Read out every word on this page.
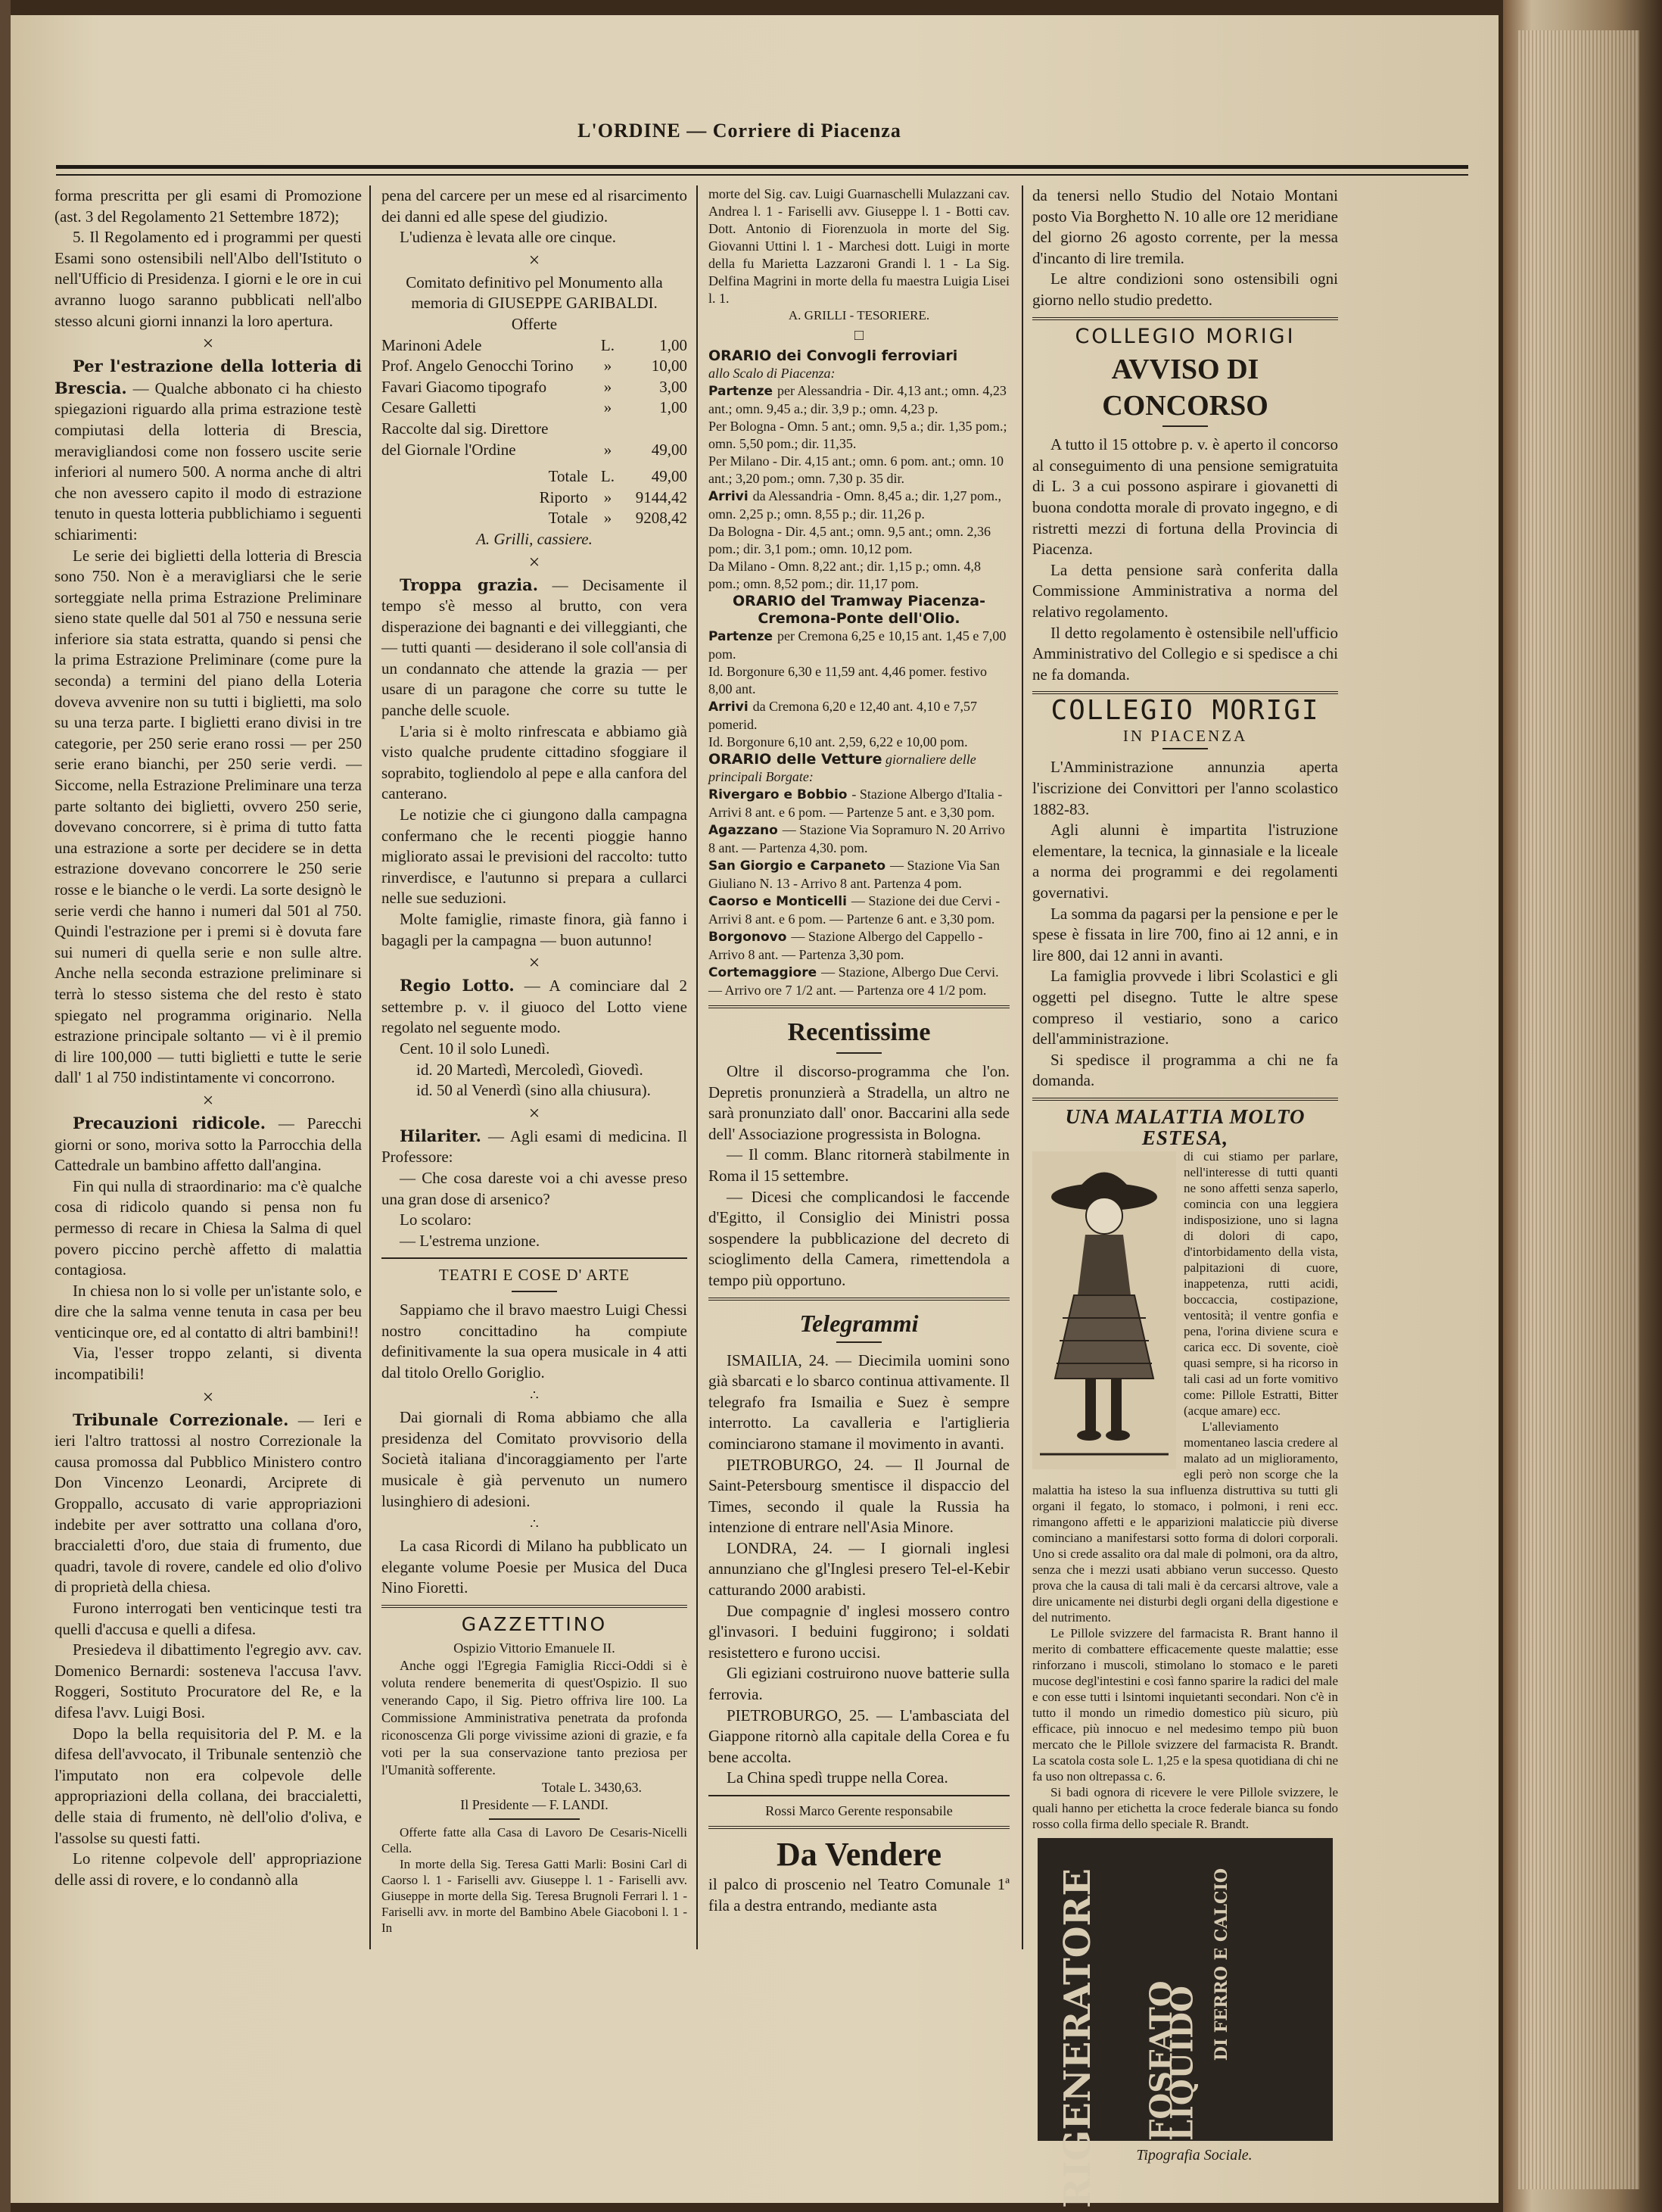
L'ORDINE — Corriere di Piacenza

forma prescritta per gli esami di Promozione (ast. 3 del Regolamento 21 Settembre 1872);

5. Il Regolamento ed i programmi per questi Esami sono ostensibili nell'Albo dell'Istituto o nell'Ufficio di Presidenza. I giorni e le ore in cui avranno luogo saranno pubblicati nell'albo stesso alcuni giorni innanzi la loro apertura.

×

Per l'estrazione della lotteria di Brescia. — Qualche abbonato ci ha chiesto spiegazioni riguardo alla prima estrazione testè compiutasi della lotteria di Brescia, meravigliandosi come non fossero uscite serie inferiori al numero 500. A norma anche di altri che non avessero capito il modo di estrazione tenuto in questa lotteria pubblichiamo i seguenti schiarimenti:

Le serie dei biglietti della lotteria di Brescia sono 750. Non è a meravigliarsi che le serie sorteggiate nella prima Estrazione Preliminare sieno state quelle dal 501 al 750 e nessuna serie inferiore sia stata estratta, quando si pensi che la prima Estrazione Preliminare (come pure la seconda) a termini del piano della Loteria doveva avvenire non su tutti i biglietti, ma solo su una terza parte. I biglietti erano divisi in tre categorie, per 250 serie erano rossi — per 250 serie erano bianchi, per 250 serie verdi. — Siccome, nella Estrazione Preliminare una terza parte soltanto dei biglietti, ovvero 250 serie, dovevano concorrere, si è prima di tutto fatta una estrazione a sorte per decidere se in detta estrazione dovevano concorrere le 250 serie rosse e le bianche o le verdi. La sorte designò le serie verdi che hanno i numeri dal 501 al 750. Quindi l'estrazione per i premi si è dovuta fare sui numeri di quella serie e non sulle altre. Anche nella seconda estrazione preliminare si terrà lo stesso sistema che del resto è stato spiegato nel programma originario. Nella estrazione principale soltanto — vi è il premio di lire 100,000 — tutti biglietti e tutte le serie dall' 1 al 750 indistintamente vi concorrono.

×

Precauzioni ridicole. — Parecchi giorni or sono, moriva sotto la Parrocchia della Cattedrale un bambino affetto dall'angina.

Fin qui nulla di straordinario: ma c'è qualche cosa di ridicolo quando si pensa non fu permesso di recare in Chiesa la Salma di quel povero piccino perchè affetto di malattia contagiosa.

In chiesa non lo si volle per un'istante solo, e dire che la salma venne tenuta in casa per beu venticinque ore, ed al contatto di altri bambini!!

Via, l'esser troppo zelanti, si diventa incompatibili!

×

Tribunale Correzionale. — Ieri e ieri l'altro trattossi al nostro Correzionale la causa promossa dal Pubblico Ministero contro Don Vincenzo Leonardi, Arciprete di Groppallo, accusato di varie appropriazioni indebite per aver sottratto una collana d'oro, braccialetti d'oro, due staia di frumento, due quadri, tavole di rovere, candele ed olio d'olivo di proprietà della chiesa.

Furono interrogati ben venticinque testi tra quelli d'accusa e quelli a difesa.

Presiedeva il dibattimento l'egregio avv. cav. Domenico Bernardi: sosteneva l'accusa l'avv. Roggeri, Sostituto Procuratore del Re, e la difesa l'avv. Luigi Bosi.

Dopo la bella requisitoria del P. M. e la difesa dell'avvocato, il Tribunale sentenziò che l'imputato non era colpevole delle appropriazioni della collana, dei braccialetti, delle staia di frumento, nè dell'olio d'oliva, e l'assolse su questi fatti.

Lo ritenne colpevole dell' appropriazione delle assi di rovere, e lo condannò alla

pena del carcere per un mese ed al risarcimento dei danni ed alle spese del giudizio.

L'udienza è levata alle ore cinque.

×

Comitato definitivo pel Monumento alla memoria di GIUSEPPE GARIBALDI.

Offerte

Marinoni Adele	L.	1,00
Prof. Angelo Genocchi Torino	»	10,00
Favari Giacomo tipografo	»	3,00
Cesare Galletti	»	1,00
Raccolte dal sig. Direttore		
del Giornale l'Ordine	»	49,00
Totale	L.	49,00
Riporto	»	9144,42
Totale	»	9208,42

A. Grilli, cassiere.

×

Troppa grazia. — Decisamente il tempo s'è messo al brutto, con vera disperazione dei bagnanti e dei villeggianti, che — tutti quanti — desiderano il sole coll'ansia di un condannato che attende la grazia — per usare di un paragone che corre su tutte le panche delle scuole.

L'aria si è molto rinfrescata e abbiamo già visto qualche prudente cittadino sfoggiare il soprabito, togliendolo al pepe e alla canfora del canterano.

Le notizie che ci giungono dalla campagna confermano che le recenti pioggie hanno migliorato assai le previsioni del raccolto: tutto rinverdisce, e l'autunno si prepara a cullarci nelle sue seduzioni.

Molte famiglie, rimaste finora, già fanno i bagagli per la campagna — buon autunno!

×

Regio Lotto. — A cominciare dal 2 settembre p. v. il giuoco del Lotto viene regolato nel seguente modo.

Cent. 10 il solo Lunedì.

id. 20 Martedì, Mercoledì, Giovedì.

id. 50 al Venerdì (sino alla chiusura).

×

Hilariter. — Agli esami di medicina. Il Professore:

— Che cosa dareste voi a chi avesse preso una gran dose di arsenico?

Lo scolaro:

— L'estrema unzione.

TEATRI E COSE D' ARTE

Sappiamo che il bravo maestro Luigi Chessi nostro concittadino ha compiute definitivamente la sua opera musicale in 4 atti dal titolo Orello Goriglio.

∴

Dai giornali di Roma abbiamo che alla presidenza del Comitato provvisorio della Società italiana d'incoraggiamento per l'arte musicale è già pervenuto un numero lusinghiero di adesioni.

∴

La casa Ricordi di Milano ha pubblicato un elegante volume Poesie per Musica del Duca Nino Fioretti.

GAZZETTINO

Ospizio Vittorio Emanuele II.

Anche oggi l'Egregia Famiglia Ricci-Oddi si è voluta rendere benemerita di quest'Ospizio. Il suo venerando Capo, il Sig. Pietro offriva lire 100. La Commissione Amministrativa penetrata da profonda riconoscenza Gli porge vivissime azioni di grazie, e fa voti per la sua conservazione tanto preziosa per l'Umanità sofferente.

Totale L. 3430,63.

Il Presidente — F. LANDI.

Offerte fatte alla Casa di Lavoro De Cesaris-Nicelli Cella.

In morte della Sig. Teresa Gatti Marli: Bosini Carl di Caorso l. 1 - Fariselli avv. Giuseppe l. 1 - Fariselli avv. Giuseppe in morte della Sig. Teresa Brugnoli Ferrari l. 1 - Fariselli avv. in morte del Bambino Abele Giacoboni l. 1 - In

morte del Sig. cav. Luigi Guarnaschelli Mulazzani cav. Andrea l. 1 - Fariselli avv. Giuseppe l. 1 - Botti cav. Dott. Antonio di Fiorenzuola in morte del Sig. Giovanni Uttini l. 1 - Marchesi dott. Luigi in morte della fu Marietta Lazzaroni Grandi l. 1 - La Sig. Delfina Magrini in morte della fu maestra Luigia Lisei l. 1.

A. GRILLI - TESORIERE.

□

ORARIO dei Convogli ferroviari
allo Scalo di Piacenza:

Partenze per Alessandria - Dir. 4,13 ant.; omn. 4,23 ant.; omn. 9,45 a.; dir. 3,9 p.; omn. 4,23 p.

Per Bologna - Omn. 5 ant.; omn. 9,5 a.; dir. 1,35 pom.; omn. 5,50 pom.; dir. 11,35.

Per Milano - Dir. 4,15 ant.; omn. 6 pom. ant.; omn. 10 ant.; 3,20 pom.; omn. 7,30 p. 35 dir.

Arrivi da Alessandria - Omn. 8,45 a.; dir. 1,27 pom., omn. 2,25 p.; omn. 8,55 p.; dir. 11,26 p.

Da Bologna - Dir. 4,5 ant.; omn. 9,5 ant.; omn. 2,36 pom.; dir. 3,1 pom.; omn. 10,12 pom.

Da Milano - Omn. 8,22 ant.; dir. 1,15 p.; omn. 4,8 pom.; omn. 8,52 pom.; dir. 11,17 pom.

ORARIO del Tramway Piacenza-Cremona-Ponte dell'Olio.

Partenze per Cremona 6,25 e 10,15 ant. 1,45 e 7,00 pom.

Id. Borgonure 6,30 e 11,59 ant. 4,46 pomer. festivo 8,00 ant.

Arrivi da Cremona 6,20 e 12,40 ant. 4,10 e 7,57 pomerid.

Id. Borgonure 6,10 ant. 2,59, 6,22 e 10,00 pom.

ORARIO delle Vetture giornaliere delle principali Borgate:

Rivergaro e Bobbio - Stazione Albergo d'Italia - Arrivi 8 ant. e 6 pom. — Partenze 5 ant. e 3,30 pom.

Agazzano — Stazione Via Sopramuro N. 20 Arrivo 8 ant. — Partenza 4,30. pom.

San Giorgio e Carpaneto — Stazione Via San Giuliano N. 13 - Arrivo 8 ant. Partenza 4 pom.

Caorso e Monticelli — Stazione dei due Cervi - Arrivi 8 ant. e 6 pom. — Partenze 6 ant. e 3,30 pom.

Borgonovo — Stazione Albergo del Cappello - Arrivo 8 ant. — Partenza 3,30 pom.

Cortemaggiore — Stazione, Albergo Due Cervi. — Arrivo ore 7 1/2 ant. — Partenza ore 4 1/2 pom.

Recentissime

Oltre il discorso-programma che l'on. Depretis pronunzierà a Stradella, un altro ne sarà pronunziato dall' onor. Baccarini alla sede dell' Associazione progressista in Bologna.

— Il comm. Blanc ritornerà stabilmente in Roma il 15 settembre.

— Dicesi che complicandosi le faccende d'Egitto, il Consiglio dei Ministri possa sospendere la pubblicazione del decreto di scioglimento della Camera, rimettendola a tempo più opportuno.

Telegrammi

ISMAILIA, 24. — Diecimila uomini sono già sbarcati e lo sbarco continua attivamente. Il telegrafo fra Ismailia e Suez è sempre interrotto. La cavalleria e l'artiglieria cominciarono stamane il movimento in avanti.

PIETROBURGO, 24. — Il Journal de Saint-Petersbourg smentisce il dispaccio del Times, secondo il quale la Russia ha intenzione di entrare nell'Asia Minore.

LONDRA, 24. — I giornali inglesi annunziano che gl'Inglesi presero Tel-el-Kebir catturando 2000 arabisti.

Due compagnie d' inglesi mossero contro gl'invasori. I beduini fuggirono; i soldati resistettero e furono uccisi.

Gli egiziani costruirono nuove batterie sulla ferrovia.

PIETROBURGO, 25. — L'ambasciata del Giappone ritornò alla capitale della Corea e fu bene accolta.

La China spedì truppe nella Corea.

Rossi Marco Gerente responsabile

Da Vendere

il palco di proscenio nel Teatro Comunale 1ª fila a destra entrando, mediante asta

da tenersi nello Studio del Notaio Montani posto Via Borghetto N. 10 alle ore 12 meridiane del giorno 26 agosto corrente, per la messa d'incanto di lire tremila.

Le altre condizioni sono ostensibili ogni giorno nello studio predetto.

COLLEGIO MORIGI
AVVISO DI CONCORSO

A tutto il 15 ottobre p. v. è aperto il concorso al conseguimento di una pensione semigratuita di L. 3 a cui possono aspirare i giovanetti di buona condotta morale di provato ingegno, e di ristretti mezzi di fortuna della Provincia di Piacenza.

La detta pensione sarà conferita dalla Commissione Amministrativa a norma del relativo regolamento.

Il detto regolamento è ostensibile nell'ufficio Amministrativo del Collegio e si spedisce a chi ne fa domanda.

COLLEGIO MORIGI

IN PIACENZA

L'Amministrazione annunzia aperta l'iscrizione dei Convittori per l'anno scolastico 1882-83.

Agli alunni è impartita l'istruzione elementare, la tecnica, la ginnasiale e la liceale a norma dei programmi e dei regolamenti governativi.

La somma da pagarsi per la pensione e per le spese è fissata in lire 700, fino ai 12 anni, e in lire 800, dai 12 anni in avanti.

La famiglia provvede i libri Scolastici e gli oggetti pel disegno. Tutte le altre spese compreso il vestiario, sono a carico dell'amministrazione.

Si spedisce il programma a chi ne fa domanda.

UNA MALATTIA MOLTO ESTESA,

di cui stiamo per parlare, nell'interesse di tutti quanti ne sono affetti senza saperlo, comincia con una leggiera indisposizione, uno si lagna di dolori di capo, d'intorbidamento della vista, palpitazioni di cuore, inappetenza, rutti acidi, boccaccia, costipazione, ventosità; il ventre gonfia e pena, l'orina diviene scura e carica ecc. Di sovente, cioè quasi sempre, si ha ricorso in tali casi ad un forte vomitivo come: Pillole Estratti, Bitter (acque amare) ecc.

L'alleviamento momentaneo lascia credere al malato ad un miglioramento, egli però non scorge che la malattia ha isteso la sua influenza distruttiva su tutti gli organi il fegato, lo stomaco, i polmoni, i reni ecc. rimangono affetti e le apparizioni malaticcie più diverse cominciano a manifestarsi sotto forma di dolori corporali. Uno si crede assalito ora dal male di polmoni, ora da altro, senza che i mezzi usati abbiano verun successo. Questo prova che la causa di tali mali è da cercarsi altrove, vale a dire unicamente nei disturbi degli organi della digestione e del nutrimento.

Le Pillole svizzere del farmacista R. Brant hanno il merito di combattere efficacemente queste malattie; esse rinforzano i muscoli, stimolano lo stomaco e le pareti mucose degl'intestini e così fanno sparire la radici del male e con esse tutti i lsintomi inquietanti secondari. Non c'è in tutto il mondo un rimedio domestico più sicuro, più efficace, più innocuo e nel medesimo tempo più buon mercato che le Pillole svizzere del farmacista R. Brandt. La scatola costa sole L. 1,25 e la spesa quotidiana di chi ne fa uso non oltrepassa c. 6.

Si badi ognora di ricevere le vere Pillole svizzere, le quali hanno per etichetta la croce federale bianca su fondo rosso colla firma dello speciale R. Brandt.

RIGENERATORE FOSFATO LIQUIDO
DI FERRO E CALCIO

Tipografia Sociale.
